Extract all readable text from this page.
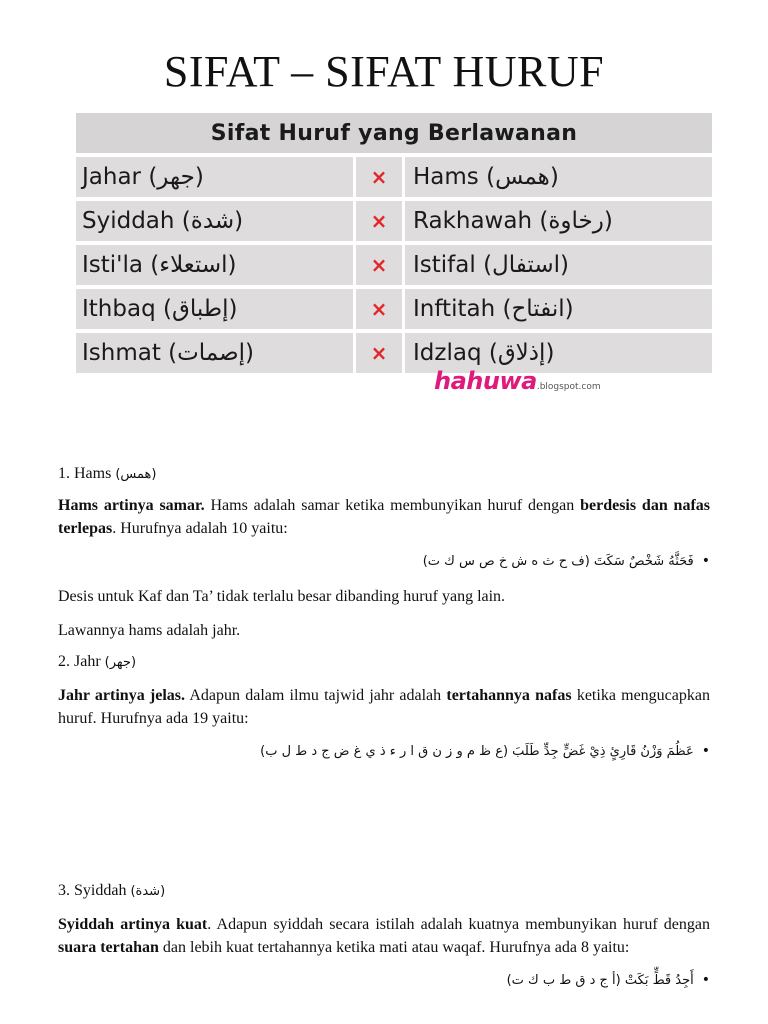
SIFAT – SIFAT HURUF
Sifat Huruf yang Berlawanan		
Jahar (جهر)	×	Hams (همس)
Syiddah (شدة)	×	Rakhawah (رخاوة)
Isti'la (استعلاء)	×	Istifal (استفال)
Ithbaq (إطباق)	×	Inftitah (انفتاح)
Ishmat (إصمات)	×	Idzlaq (إذلاق)
hahuwa.blogspot.com

1. Hams (همس)

Hams artinya samar. Hams adalah samar ketika membunyikan huruf dengan berdesis dan nafas terlepas. Hurufnya adalah 10 yaitu:

•فَحَثَّهُ شَخْصٌ سَكَتَ (ف ح ث ه ش خ ص س ك ت)

Desis untuk Kaf dan Ta’ tidak terlalu besar dibanding huruf yang lain.

Lawannya hams adalah jahr.

2. Jahr (جهر)

Jahr artinya jelas. Adapun dalam ilmu tajwid jahr adalah tertahannya nafas ketika mengucapkan huruf. Hurufnya ada 19 yaitu:

•عَظُمَ وَزْنُ قَارِئٍ ذِيْ غَضٍّ جِدٍّ طَلَبَ (ع ظ م و ز ن ق ا ر ء ذ ي غ ض ج د ط ل ب)

3. Syiddah (شدة)

Syiddah artinya kuat. Adapun syiddah secara istilah adalah kuatnya membunyikan huruf dengan suara tertahan dan lebih kuat tertahannya ketika mati atau waqaf. Hurufnya ada 8 yaitu:

•أَجِدُ قَطٍّ بَكَتْ (أ ج د ق ط ب ك ت)
